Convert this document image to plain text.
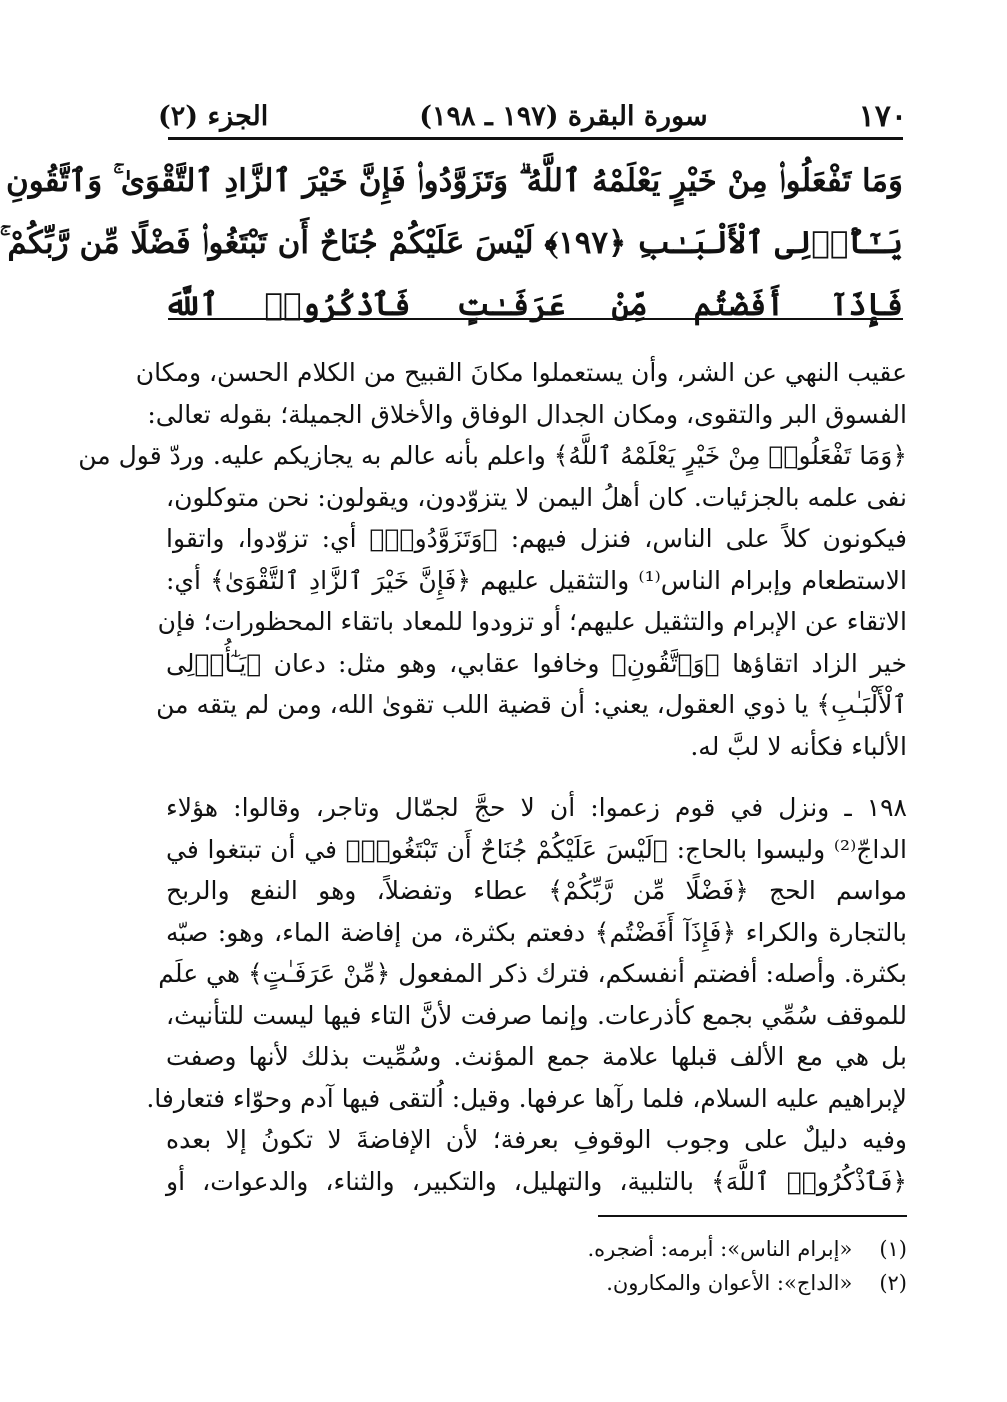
١٧٠
سورة البقرة (١٩٧ ـ ١٩٨)
الجزء (٢)
وَمَا تَفْعَلُوا۟ مِنْ خَيْرٍ يَعْلَمْهُ ٱللَّهُ ۗ وَتَزَوَّدُوا۟ فَإِنَّ خَيْرَ ٱلزَّادِ ٱلتَّقْوَىٰ ۚ وَٱتَّقُونِ
يَـٰٓأُو۟لِى ٱلْأَلْبَـٰبِ ﴿١٩٧﴾ لَيْسَ عَلَيْكُمْ جُنَاحٌ أَن تَبْتَغُوا۟ فَضْلًا مِّن رَّبِّكُمْ ۚ
فَإِذَآ أَفَضْتُم مِّنْ عَرَفَـٰتٍ فَٱذْكُرُوا۟ ٱللَّهَ
عقيب النهي عن الشر، وأن يستعملوا مكانَ القبيح من الكلام الحسن، ومكان
الفسوق البر والتقوى، ومكان الجدال الوفاق والأخلاق الجميلة؛ بقوله تعالى:
﴿وَمَا تَفْعَلُوا۟ مِنْ خَيْرٍ يَعْلَمْهُ ٱللَّهُ﴾ واعلم بأنه عالم به يجازيكم عليه. وردّ قول من
نفى علمه بالجزئيات. كان أهلُ اليمن لا يتزوّدون، ويقولون: نحن متوكلون،
فيكونون كلاً على الناس، فنزل فيهم: ﴿وَتَزَوَّدُوا۟﴾ أي: تزوّدوا، واتقوا
الاستطعام وإبرام الناس⁽¹⁾ والتثقيل عليهم ﴿فَإِنَّ خَيْرَ ٱلزَّادِ ٱلتَّقْوَىٰ﴾ أي:
الاتقاء عن الإبرام والتثقيل عليهم؛ أو تزودوا للمعاد باتقاء المحظورات؛ فإن
خير الزاد اتقاؤها ﴿وَٱتَّقُونِ﴾ وخافوا عقابي، وهو مثل: دعان ﴿يَـٰٓأُو۟لِى
ٱلْأَلْبَـٰبِ﴾ يا ذوي العقول، يعني: أن قضية اللب تقوىٰ الله، ومن لم يتقه من
الألباء فكأنه لا لبَّ له.
١٩٨ ـ ونزل في قوم زعموا: أن لا حجَّ لجمّال وتاجر، وقالوا: هؤلاء
الداجّ⁽²⁾ وليسوا بالحاج: ﴿لَيْسَ عَلَيْكُمْ جُنَاحٌ أَن تَبْتَغُوا۟﴾ في أن تبتغوا في
مواسم الحج ﴿فَضْلًا مِّن رَّبِّكُمْ﴾ عطاء وتفضلاً، وهو النفع والربح
بالتجارة والكراء ﴿فَإِذَآ أَفَضْتُم﴾ دفعتم بكثرة، من إفاضة الماء، وهو: صبّه
بكثرة. وأصله: أفضتم أنفسكم، فترك ذكر المفعول ﴿مِّنْ عَرَفَـٰتٍ﴾ هي علَم
للموقف سُمِّي بجمع كأذرعات. وإنما صرفت لأنَّ التاء فيها ليست للتأنيث،
بل هي مع الألف قبلها علامة جمع المؤنث. وسُمِّيت بذلك لأنها وصفت
لإبراهيم عليه السلام، فلما رآها عرفها. وقيل: اُلتقى فيها آدم وحوّاء فتعارفا.
وفيه دليلٌ على وجوب الوقوفِ بعرفة؛ لأن الإفاضةَ لا تكونُ إلا بعده
﴿فَٱذْكُرُوا۟ ٱللَّهَ﴾ بالتلبية، والتهليل، والتكبير، والثناء، والدعوات، أو
(١) «إبرام الناس»: أبرمه: أضجره.
(٢) «الداج»: الأعوان والمكارون.
